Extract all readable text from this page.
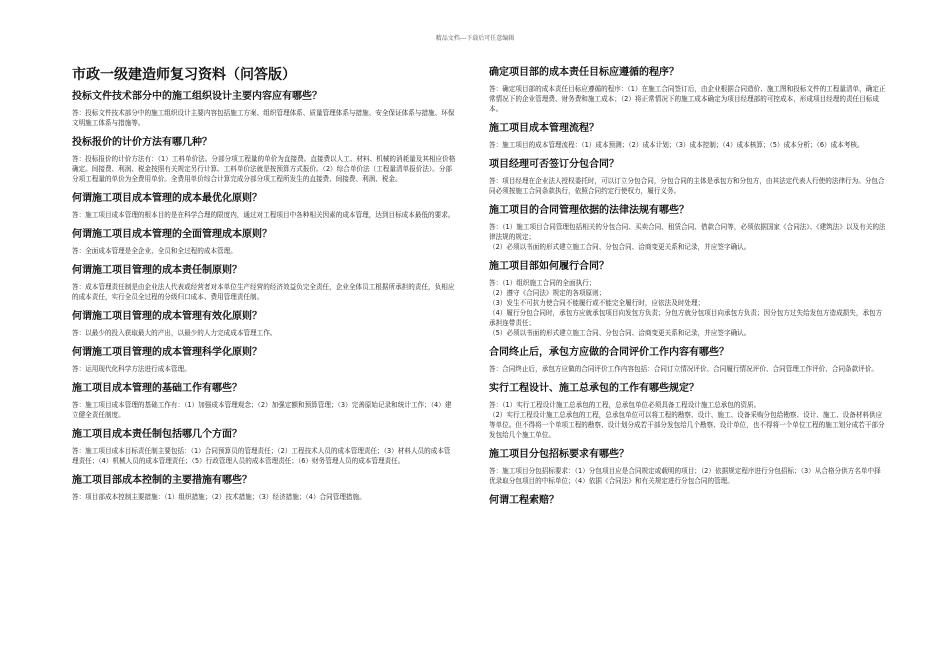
精品文档---下载后可任意编辑
市政一级建造师复习资料（问答版）
投标文件技术部分中的施工组织设计主要内容应有哪些？
答：投标文件技术部分中的施工组织设计主要内容包括施工方案、组织管理体系、质量管理体系与措施、安全保证体系与措施、环保文明施工体系与措施等。
投标报价的计价方法有哪几种？
答：投标报价的计价方法有：（1）工料单价法。分部分项工程量的单价为直接费。直接费以人工、材料、机械的消耗量及其相应价格确定。间接费、利润、税金按照有关规定另行计算。工料单价法就是按预算方式报价。（2）综合单价法（工程量清单报价法）。分部分项工程量的单价为全费用单价。全费用单价综合计算完成分部分项工程所发生的直接费、间接费、利润、税金。
何谓施工项目成本管理的成本最优化原则？
答：施工项目成本管理的根本目的是在科学合理的限度内，通过对工程项目中各种相关因素的成本管理，达到目标成本最低的要求。
何谓施工项目成本管理的全面管理成本原则？
答：全面成本管理是全企业、全员和全过程的成本管理。
何谓施工项目管理的成本责任制原则？
答：成本管理责任制是由企业法人代表或经营者对本单位生产经营的经济效益负完全责任，企业全体员工根据所承担的责任，负相应的成本责任，实行全员全过程的分级归口成本、费用管理责任制。
何谓施工项目管理的成本管理有效化原则？
答：以最少的投入获取最大的产出，以最少的人力完成成本管理工作。
何谓施工项目管理的成本管理科学化原则？
答：运用现代化科学方法进行成本管理。
施工项目成本管理的基础工作有哪些？
答：施工项目成本管理的基础工作有：（1）加强成本管理观念；（2）加强定额和预算管理；（3）完善原始记录和统计工作；（4）建立健全责任制度。
施工项目成本责任制包括哪几个方面？
答：施工项目成本目标责任制主要包括：（1）合同预算员的管理责任；（2）工程技术人员的成本管理责任；（3）材料人员的成本管理责任；（4）机械人员的成本管理责任；（5）行政管理人员的成本管理责任；（6）财务管理人员的成本管理责任。
施工项目部成本控制的主要措施有哪些？
答：项目部成本控制主要措施：（1）组织措施；（2）技术措施；（3）经济措施；（4）合同管理措施。
确定项目部的成本责任目标应遵循的程序？
答：确定项目部的成本责任目标应遵循的程序：（1）在施工合同签订后，由企业根据合同造价、施工图和投标文件的工程量清单，确定正常情况下的企业管理费、财务费和施工成本；（2）将正常情况下的施工成本确定为项目经理部的可控成本，形成项目经理的责任目标成本。
施工项目成本管理流程？
答：施工项目的成本管理流程：（1）成本预测；（2）成本计划；（3）成本控制；（4）成本核算；（5）成本分析；（6）成本考核。
项目经理可否签订分包合同？
答：项目经理在企业法人授权委托时，可以订立分包合同，分包合同的主体是承包方和分包方，由其法定代表人行使的法律行为。分包合同必须按施工合同条款执行，依照合同约定行使权力，履行义务。
施工项目的合同管理依据的法律法规有哪些？
答：（1）施工项目合同管理包括相关的分包合同、买卖合同、租赁合同、借款合同等，必须依据国家《合同法》、《建筑法》以及有关的法律法规的规定；
（2）必须以书面的形式建立施工合同、分包合同、洽商变更关系和记录，并应签字确认。
施工项目部如何履行合同？
答：（1）组织施工合同的全面执行；
（2）遵守《合同法》规定的各项原则；
（3）发生不可抗力使合同不能履行或不能完全履行时，应依法及时处理；
（4）履行分包合同时，承包方应就承包项目向发包方负责；分包方就分包项目向承包方负责；因分包方过失给发包方造成损失，承包方承担连带责任；
（5）必须以书面的形式建立施工合同、分包合同、洽商变更关系和记录，并应签字确认。
合同终止后，承包方应做的合同评价工作内容有哪些？
答：合同终止后，承包方应做的合同评价工作内容包括：合同订立情况评价、合同履行情况评价、合同管理工作评价、合同条款评价。
实行工程设计、施工总承包的工作有哪些规定？
答：（1）实行工程设计施工总承包的工程，总承包单位必须具备工程设计施工总承包的资质。
（2）实行工程设计施工总承包的工程，总承包单位可以将工程的勘察、设计、施工、设备采购分包给勘察、设计、施工、设备材料供应等单位。但不得将一个单项工程的勘察、设计划分成若干部分发包给几个勘察、设计单位，也不得将一个单位工程的施工划分成若干部分发包给几个施工单位。
施工项目分包招标要求有哪些？
答：施工项目分包招标要求：（1）分包项目应是合同规定或载明的项目；（2）依据规定程序进行分包招标；（3）从合格分供方名单中择优录取分包项目的中标单位；（4）依据《合同法》和有关规定进行分包合同的管理。
何谓工程索赔？
